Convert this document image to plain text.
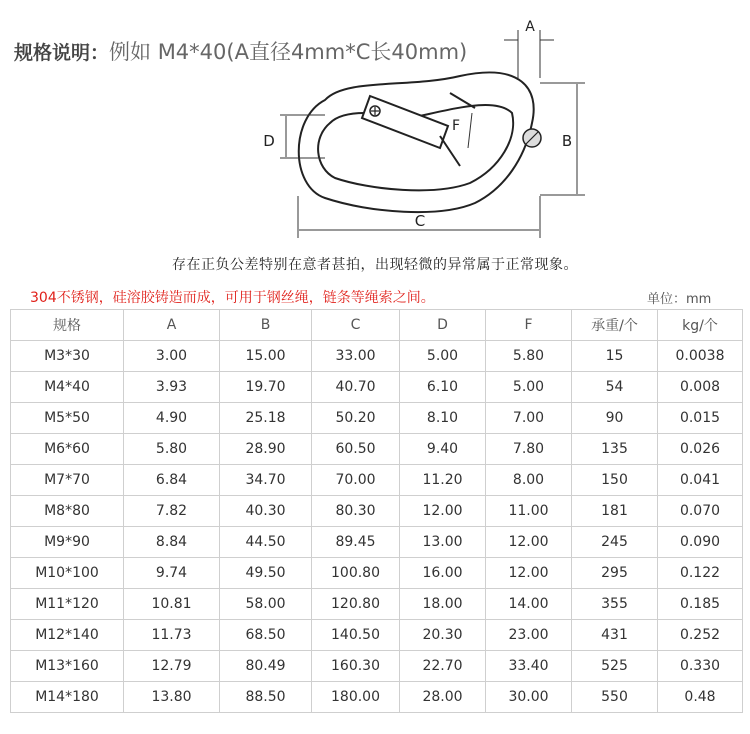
规格说明：例如 M4*40(A直径4mm*C长40mm)
A
B
C
D
F
存在正负公差特别在意者甚拍，出现轻微的异常属于正常现象。
304不锈钢，硅溶胶铸造而成，可用于钢丝绳，链条等绳索之间。	单位：mm
规格	A	B	C	D	F	承重/个	kg/个
M3*30	3.00	15.00	33.00	5.00	5.80	15	0.0038
M4*40	3.93	19.70	40.70	6.10	5.00	54	0.008
M5*50	4.90	25.18	50.20	8.10	7.00	90	0.015
M6*60	5.80	28.90	60.50	9.40	7.80	135	0.026
M7*70	6.84	34.70	70.00	11.20	8.00	150	0.041
M8*80	7.82	40.30	80.30	12.00	11.00	181	0.070
M9*90	8.84	44.50	89.45	13.00	12.00	245	0.090
M10*100	9.74	49.50	100.80	16.00	12.00	295	0.122
M11*120	10.81	58.00	120.80	18.00	14.00	355	0.185
M12*140	11.73	68.50	140.50	20.30	23.00	431	0.252
M13*160	12.79	80.49	160.30	22.70	33.40	525	0.330
M14*180	13.80	88.50	180.00	28.00	30.00	550	0.48
